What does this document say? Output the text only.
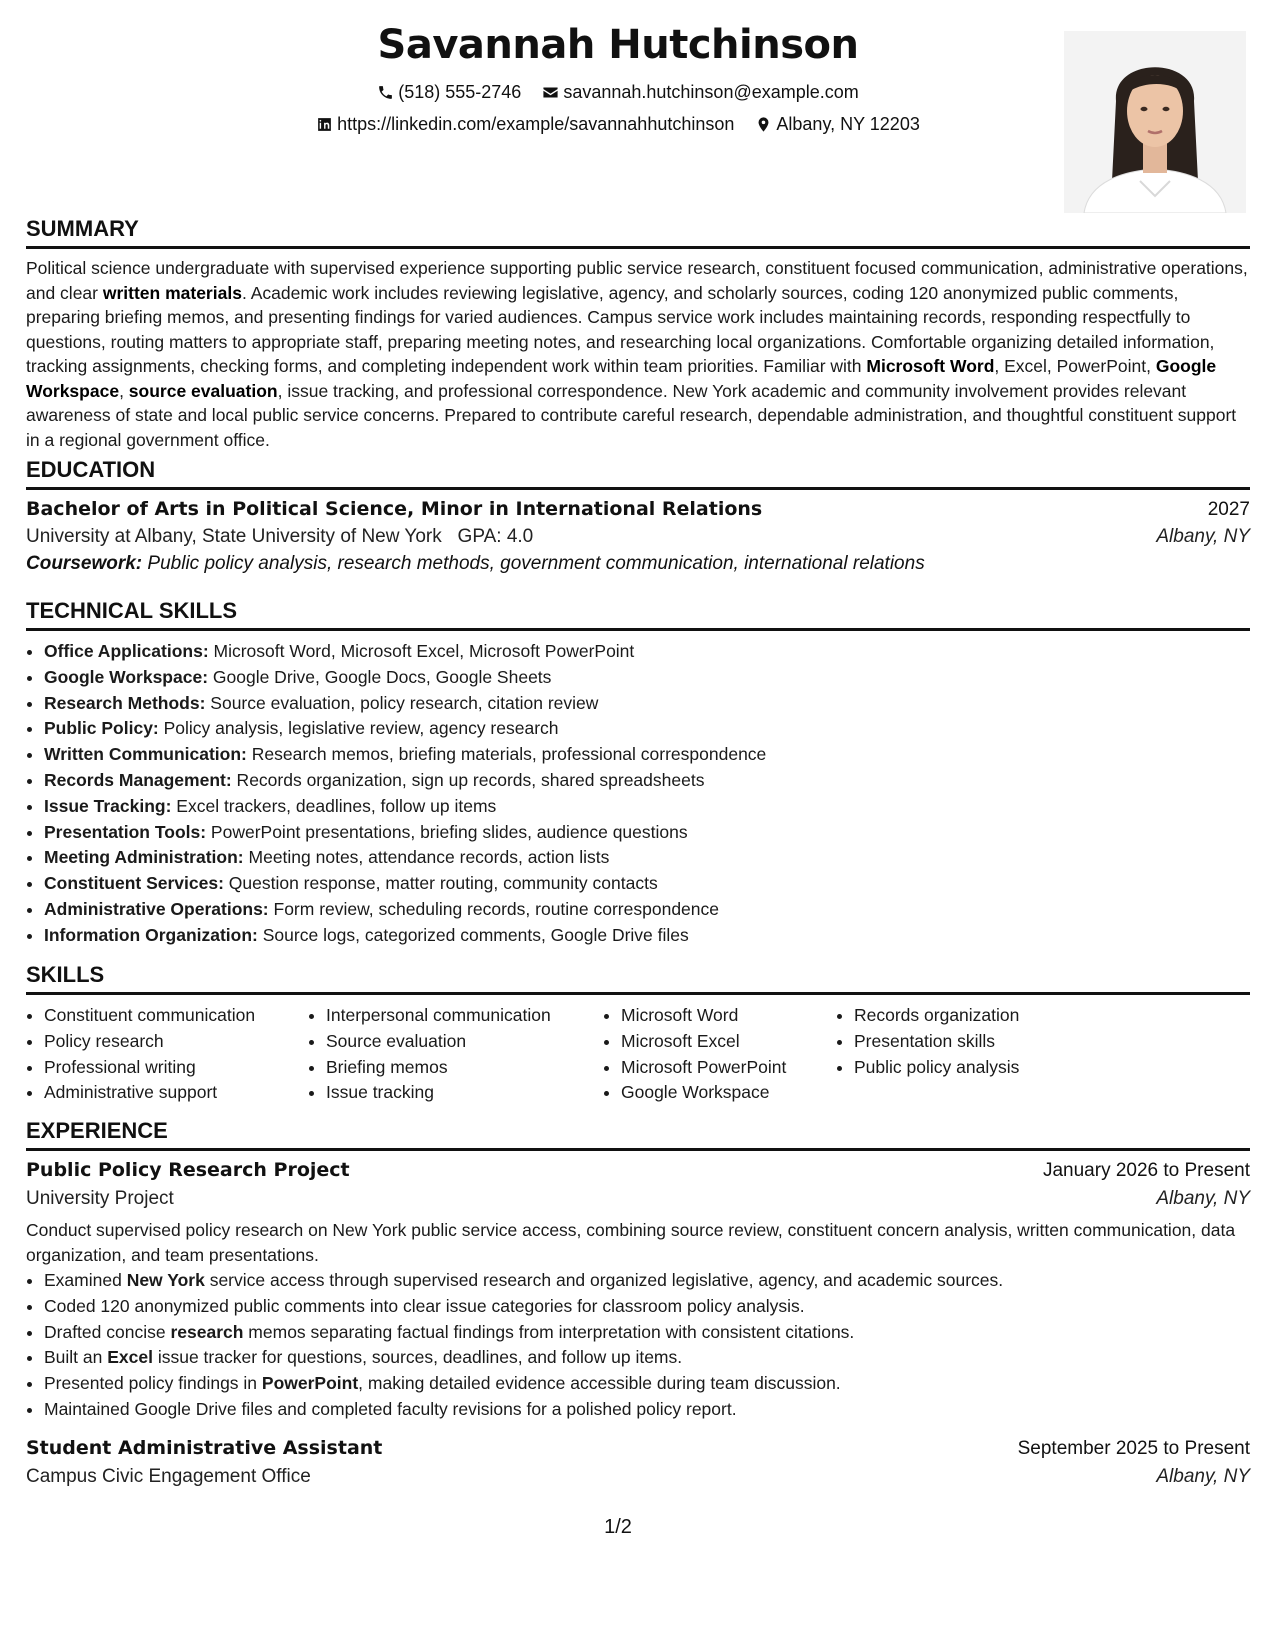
Savannah Hutchinson
(518) 555-2746
savannah.hutchinson@example.com
https://linkedin.com/example/savannahhutchinson
Albany, NY 12203
SUMMARY

Political science undergraduate with supervised experience supporting public service research, constituent focused communication, administrative operations, and clear written materials. Academic work includes reviewing legislative, agency, and scholarly sources, coding 120 anonymized public comments, preparing briefing memos, and presenting findings for varied audiences. Campus service work includes maintaining records, responding respectfully to questions, routing matters to appropriate staff, preparing meeting notes, and researching local organizations. Comfortable organizing detailed information, tracking assignments, checking forms, and completing independent work within team priorities. Familiar with Microsoft Word, Excel, PowerPoint, Google Workspace, source evaluation, issue tracking, and professional correspondence. New York academic and community involvement provides relevant awareness of state and local public service concerns. Prepared to contribute careful research, dependable administration, and thoughtful constituent support in a regional government office.

EDUCATION
Bachelor of Arts in Political Science, Minor in International Relations	2027
University at Albany, State University of New York   GPA: 4.0	Albany, NY
Coursework: Public policy analysis, research methods, government communication, international relations
TECHNICAL SKILLS
• Office Applications: Microsoft Word, Microsoft Excel, Microsoft PowerPoint
• Google Workspace: Google Drive, Google Docs, Google Sheets
• Research Methods: Source evaluation, policy research, citation review
• Public Policy: Policy analysis, legislative review, agency research
• Written Communication: Research memos, briefing materials, professional correspondence
• Records Management: Records organization, sign up records, shared spreadsheets
• Issue Tracking: Excel trackers, deadlines, follow up items
• Presentation Tools: PowerPoint presentations, briefing slides, audience questions
• Meeting Administration: Meeting notes, attendance records, action lists
• Constituent Services: Question response, matter routing, community contacts
• Administrative Operations: Form review, scheduling records, routine correspondence
• Information Organization: Source logs, categorized comments, Google Drive files
SKILLS
• Constituent communication
• Policy research
• Professional writing
• Administrative support
• Interpersonal communication
• Source evaluation
• Briefing memos
• Issue tracking
• Microsoft Word
• Microsoft Excel
• Microsoft PowerPoint
• Google Workspace
• Records organization
• Presentation skills
• Public policy analysis
EXPERIENCE
Public Policy Research Project	January 2026 to Present
University Project	Albany, NY

Conduct supervised policy research on New York public service access, combining source review, constituent concern analysis, written communication, data organization, and team presentations.

• Examined New York service access through supervised research and organized legislative, agency, and academic sources.
• Coded 120 anonymized public comments into clear issue categories for classroom policy analysis.
• Drafted concise research memos separating factual findings from interpretation with consistent citations.
• Built an Excel issue tracker for questions, sources, deadlines, and follow up items.
• Presented policy findings in PowerPoint, making detailed evidence accessible during team discussion.
• Maintained Google Drive files and completed faculty revisions for a polished policy report.
Student Administrative Assistant	September 2025 to Present
Campus Civic Engagement Office	Albany, NY
1/2
